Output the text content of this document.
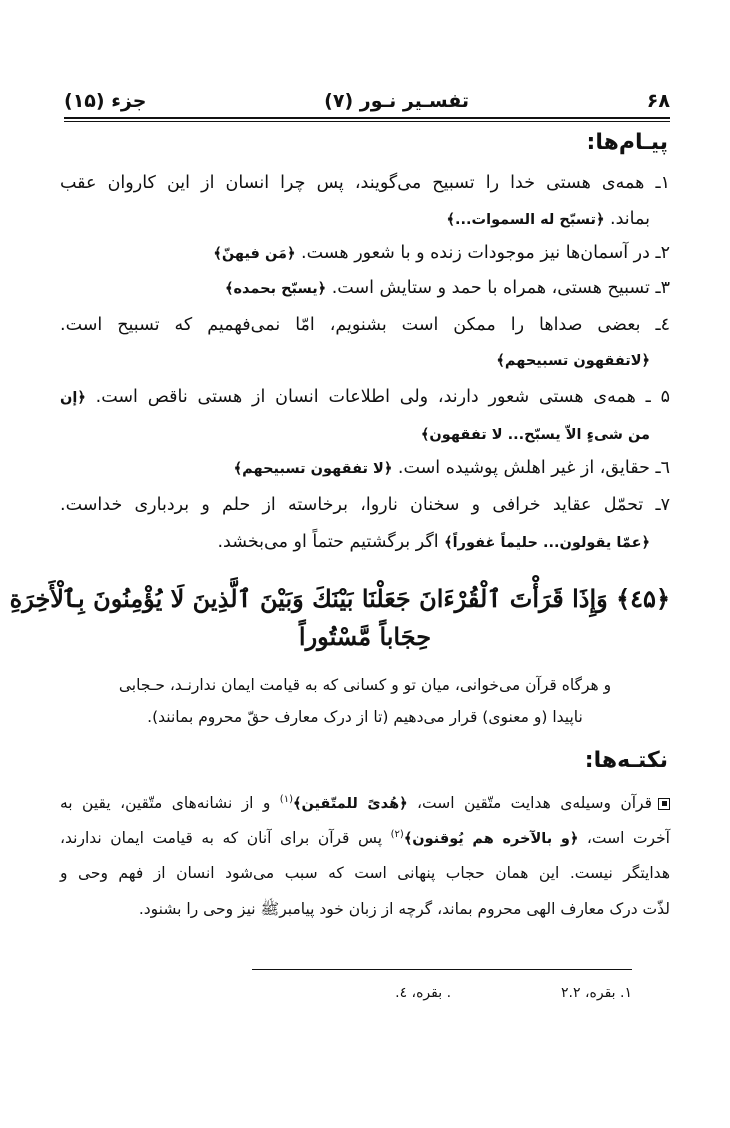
۶۸
تفسـیر نـور (۷)
جزء (۱۵)
پیـام‌ها:
۱ـ همه‌ی هستی خدا را تسبیح می‌گویند، پس چرا انسان از این کاروان عقب
بماند. ﴿تسبّح له السموات...﴾
۲ـ در آسمان‌ها نیز موجودات زنده و با شعور هست. ﴿مَن فیهنّ﴾
۳ـ تسبیح هستی، همراه با حمد و ستایش است. ﴿یسبّح بحمده﴾
٤ـ بعضی صداها را ممکن است بشنویم، امّا نمی‌فهمیم که تسبیح است.
﴿لاتفقهون تسبیحهم﴾
۵ ـ همه‌ی هستی شعور دارند، ولی اطلاعات انسان از هستی ناقص است. ﴿إن
من شیءٍ الاّ یسبّح... لا تفقهون﴾
٦ـ حقایق، از غیر اهلش پوشیده است. ﴿لا تفقهون تسبیحهم﴾
۷ـ تحمّل عقاید خرافی و سخنان ناروا، برخاسته از حلم و بردباری خداست.
﴿عمّا یقولون... حلیماً غفوراً﴾ اگر برگشتیم حتماً او می‌بخشد.
﴿٤۵﴾ وَإِذَا قَرَأْتَ ٱلْقُرْءَانَ جَعَلْنَا بَيْنَكَ وَبَيْنَ ٱلَّذِينَ لَا يُؤْمِنُونَ بِٱلْأَخِرَةِ
حِجَاباً مَّسْتُوراً
و هرگاه قرآن می‌خوانی، میان تو و کسانی که به قیامت ایمان ندارنـد، حـجابی
ناپیدا (و معنوی) قرار می‌دهیم (تا از درک معارف حقّ محروم بمانند).
نکتـه‌ها:
قرآن وسیله‌ی هدایت متّقین است، ﴿هُدیً للمتّقین﴾$^{(۱)}$ و از نشانه‌های متّقین، یقین به
آخرت است، ﴿و بالآخره هم یُوقنون﴾$^{(۲)}$ پس قرآن برای آنان که به قیامت ایمان ندارند،
هدایتگر نیست. این همان حجاب پنهانی است که سبب می‌شود انسان از فهم وحی و
لذّت درک معارف الهی محروم بماند، گرچه از زبان خود پیامبرﷺ نیز وحی را بشنود.
۱. بقره، ۲.۲. بقره، ٤.
